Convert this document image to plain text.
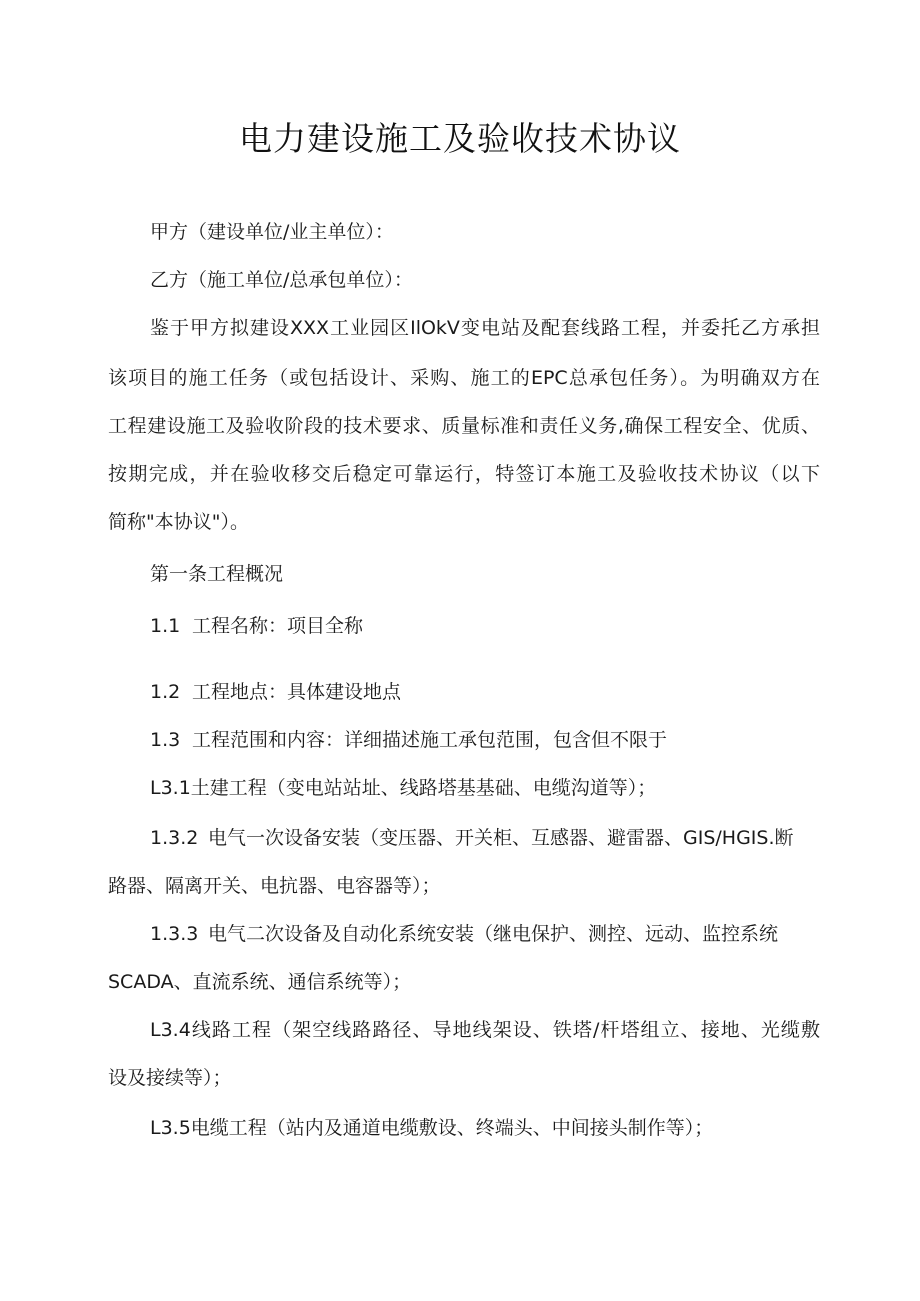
电力建设施工及验收技术协议
甲方（建设单位/业主单位）：
乙方（施工单位/总承包单位）：
鉴于甲方拟建设XXX工业园区IlOkV变电站及配套线路工程，并委托乙方承担
该项目的施工任务（或包括设计、采购、施工的EPC总承包任务）。为明确双方在
工程建设施工及验收阶段的技术要求、质量标准和责任义务,确保工程安全、优质、
按期完成，并在验收移交后稳定可靠运行，特签订本施工及验收技术协议（以下
简称"本协议"）。
第一条工程概况
1.1 工程名称：项目全称
1.2 工程地点：具体建设地点
1.3 工程范围和内容：详细描述施工承包范围，包含但不限于
L3.1土建工程（变电站站址、线路塔基基础、电缆沟道等）；
1.3.2 电气一次设备安装（变压器、开关柜、互感器、避雷器、GIS/HGIS.断
路器、隔离开关、电抗器、电容器等）；
1.3.3 电气二次设备及自动化系统安装（继电保护、测控、远动、监控系统
SCADA、直流系统、通信系统等）；
L3.4线路工程（架空线路路径、导地线架设、铁塔/杆塔组立、接地、光缆敷
设及接续等）；
L3.5电缆工程（站内及通道电缆敷设、终端头、中间接头制作等）；
